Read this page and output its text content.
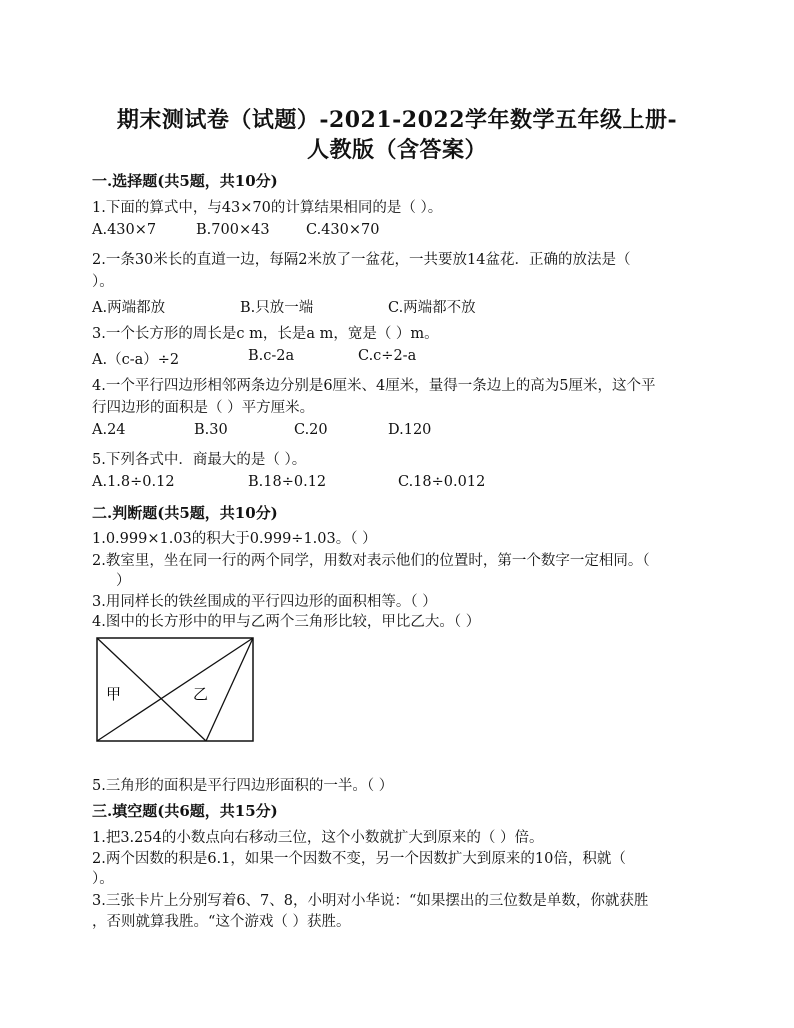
期末测试卷（试题）-2021-2022学年数学五年级上册-
人教版（含答案）
一.选择题(共5题，共10分)
1.下面的算式中，与43×70的计算结果相同的是（ ）。
A.430×7	B.700×43	C.430×70
2.一条30米长的直道一边，每隔2米放了一盆花，一共要放14盆花．正确的放法是（
）。
A.两端都放	B.只放一端	C.两端都不放
3.一个长方形的周长是c m，长是a m，宽是（ ）m。
A.（c-a）÷2	B.c-2a	C.c÷2-a
4.一个平行四边形相邻两条边分别是6厘米、4厘米，量得一条边上的高为5厘米，这个平
行四边形的面积是（ ）平方厘米。
A.24	B.30	C.20	D.120
5.下列各式中．商最大的是（ ）。
A.1.8÷0.12	B.18÷0.12	C.18÷0.012
二.判断题(共5题，共10分)
1.0.999×1.03的积大于0.999÷1.03。（ ）
2.教室里，坐在同一行的两个同学，用数对表示他们的位置时，第一个数字一定相同。（
）
3.用同样长的铁丝围成的平行四边形的面积相等。（ ）
4.图中的长方形中的甲与乙两个三角形比较，甲比乙大。（ ）
甲	乙
5.三角形的面积是平行四边形面积的一半。（ ）
三.填空题(共6题，共15分)
1.把3.254的小数点向右移动三位，这个小数就扩大到原来的（ ）倍。
2.两个因数的积是6.1，如果一个因数不变，另一个因数扩大到原来的10倍，积就（
）。
3.三张卡片上分别写着6、7、8，小明对小华说：“如果摆出的三位数是单数，你就获胜
，否则就算我胜。“这个游戏（ ）获胜。
